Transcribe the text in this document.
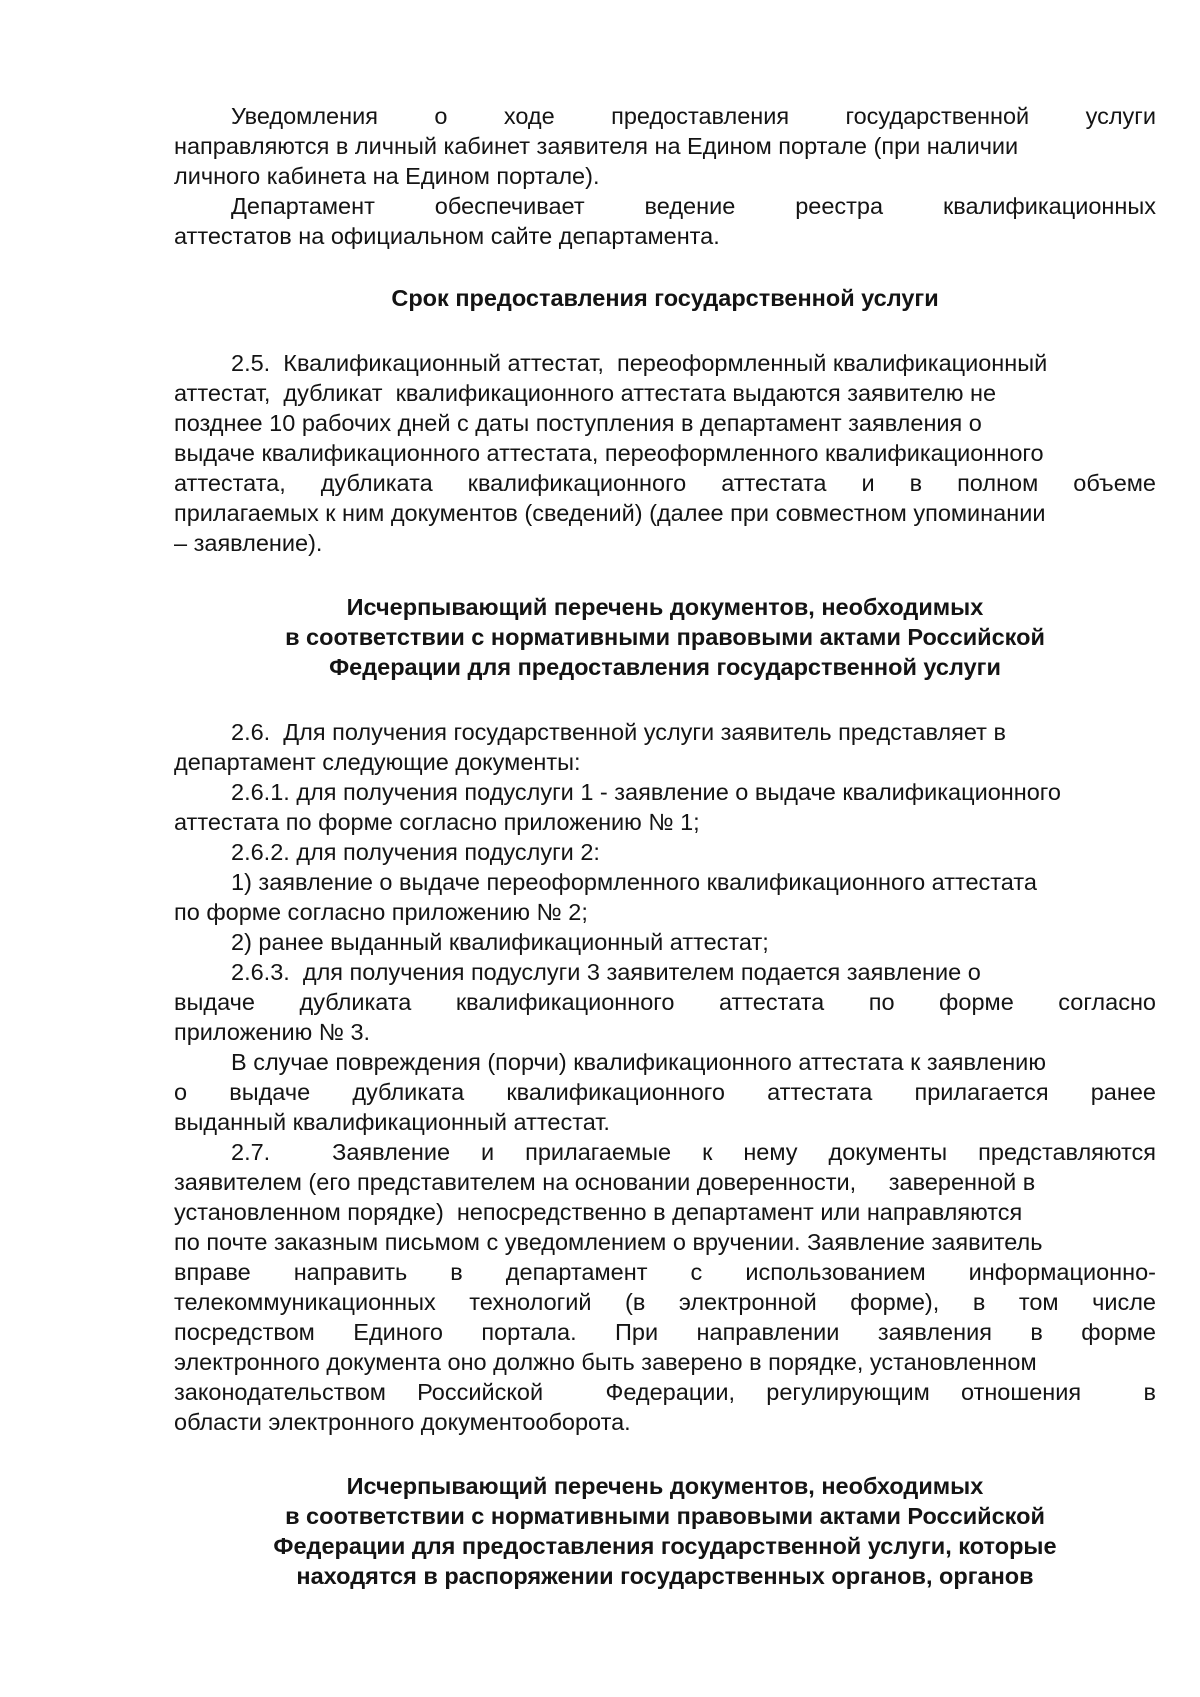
Уведомления о ходе предоставления государственной услуги

направляются в личный кабинет заявителя на Едином портале (при наличии

личного кабинета на Едином портале).

Департамент обеспечивает ведение реестра квалификационных

аттестатов на официальном сайте департамента.

Срок предоставления государственной услуги

2.5.  Квалификационный аттестат,  переоформленный квалификационный

аттестат,  дубликат  квалификационного аттестата выдаются заявителю не

позднее 10 рабочих дней с даты поступления в департамент заявления о

выдаче квалификационного аттестата, переоформленного квалификационного

аттестата, дубликата квалификационного аттестата и в полном объеме

прилагаемых к ним документов (сведений) (далее при совместном упоминании

– заявление).

Исчерпывающий перечень документов, необходимых

в соответствии с нормативными правовыми актами Российской

Федерации для предоставления государственной услуги

2.6.  Для получения государственной услуги заявитель представляет в

департамент следующие документы:

2.6.1. для получения подуслуги 1 - заявление о выдаче квалификационного

аттестата по форме согласно приложению № 1;

2.6.2. для получения подуслуги 2:

1) заявление о выдаче переоформленного квалификационного аттестата

по форме согласно приложению № 2;

2) ранее выданный квалификационный аттестат;

2.6.3.  для получения подуслуги 3 заявителем подается заявление о

выдаче дубликата квалификационного аттестата по форме согласно

приложению № 3.

В случае повреждения (порчи) квалификационного аттестата к заявлению

о выдаче дубликата квалификационного аттестата прилагается ранее

выданный квалификационный аттестат.

2.7.  Заявление и прилагаемые к нему документы представляются

заявителем (его представителем на основании доверенности,     заверенной в

установленном порядке)  непосредственно в департамент или направляются

по почте заказным письмом с уведомлением о вручении. Заявление заявитель

вправе направить в департамент с использованием информационно-

телекоммуникационных технологий (в электронной форме), в том числе

посредством Единого портала. При направлении заявления в форме

электронного документа оно должно быть заверено в порядке, установленном

законодательством Российской  Федерации, регулирующим отношения  в

области электронного документооборота.

Исчерпывающий перечень документов, необходимых

в соответствии с нормативными правовыми актами Российской

Федерации для предоставления государственной услуги, которые

находятся в распоряжении государственных органов, органов
